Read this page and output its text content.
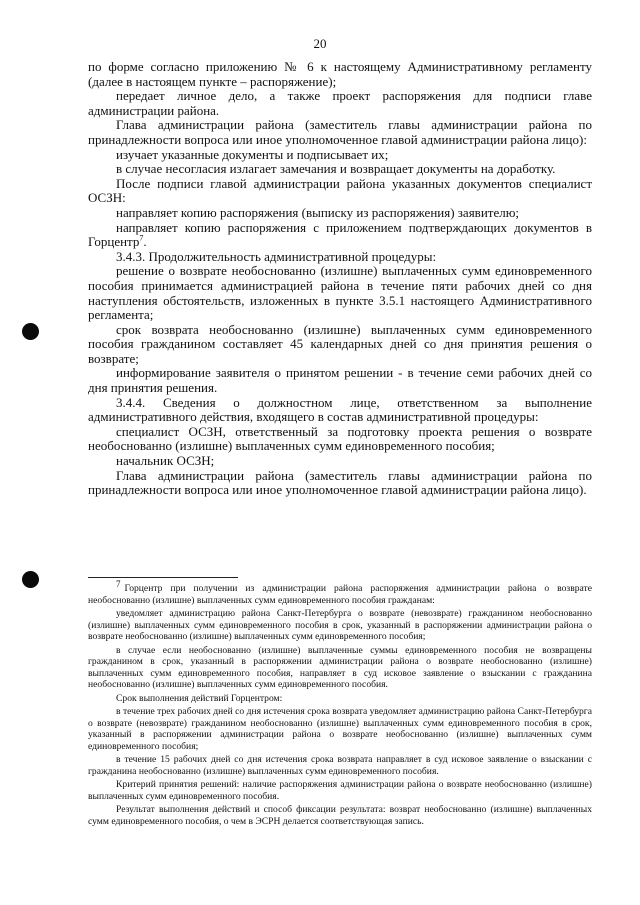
20

по форме согласно приложению № 6 к настоящему Административному регламенту (далее в настоящем пункте – распоряжение);

передает личное дело, а также проект распоряжения для подписи главе администрации района.

Глава администрации района (заместитель главы администрации района по принадлежности вопроса или иное уполномоченное главой администрации района лицо):

изучает указанные документы и подписывает их;

в случае несогласия излагает замечания и возвращает документы на доработку.

После подписи главой администрации района указанных документов специалист ОСЗН:

направляет копию распоряжения (выписку из распоряжения) заявителю;

направляет копию распоряжения с приложением подтверждающих документов в Горцентр$^7$.

3.4.3. Продолжительность административной процедуры:

решение о возврате необоснованно (излишне) выплаченных сумм единовременного пособия принимается администрацией района в течение пяти рабочих дней со дня наступления обстоятельств, изложенных в пункте 3.5.1 настоящего Административного регламента;

срок возврата необоснованно (излишне) выплаченных сумм единовременного пособия гражданином составляет 45 календарных дней со дня принятия решения о возврате;

информирование заявителя о принятом решении - в течение семи рабочих дней со дня принятия решения.

3.4.4. Сведения о должностном лице, ответственном за выполнение административного действия, входящего в состав административной процедуры:

специалист ОСЗН, ответственный за подготовку проекта решения о возврате необоснованно (излишне) выплаченных сумм единовременного пособия;

начальник ОСЗН;

Глава администрации района (заместитель главы администрации района по принадлежности вопроса или иное уполномоченное главой администрации района лицо).

7 Горцентр при получении из администрации района распоряжения администрации района о возврате необоснованно (излишне) выплаченных сумм единовременного пособия гражданам:

уведомляет администрацию района Санкт-Петербурга о возврате (невозврате) гражданином необоснованно (излишне) выплаченных сумм единовременного пособия в срок, указанный в распоряжении администрации района о возврате необоснованно (излишне) выплаченных сумм единовременного пособия;

в случае если необоснованно (излишне) выплаченные суммы единовременного пособия не возвращены гражданином в срок, указанный в распоряжении администрации района о возврате необоснованно (излишне) выплаченных сумм единовременного пособия, направляет в суд исковое заявление о взыскании с гражданина необоснованно (излишне) выплаченных сумм единовременного пособия.

Срок выполнения действий Горцентром:

в течение трех рабочих дней со дня истечения срока возврата уведомляет администрацию района Санкт-Петербурга о возврате (невозврате) гражданином необоснованно (излишне) выплаченных сумм единовременного пособия в срок, указанный в распоряжении администрации района о возврате необоснованно (излишне) выплаченных сумм единовременного пособия;

в течение 15 рабочих дней со дня истечения срока возврата направляет в суд исковое заявление о взыскании с гражданина необоснованно (излишне) выплаченных сумм единовременного пособия.

Критерий принятия решений: наличие распоряжения администрации района о возврате необоснованно (излишне) выплаченных сумм единовременного пособия.

Результат выполнения действий и способ фиксации результата: возврат необоснованно (излишне) выплаченных сумм единовременного пособия, о чем в ЭСРН делается соответствующая запись.
